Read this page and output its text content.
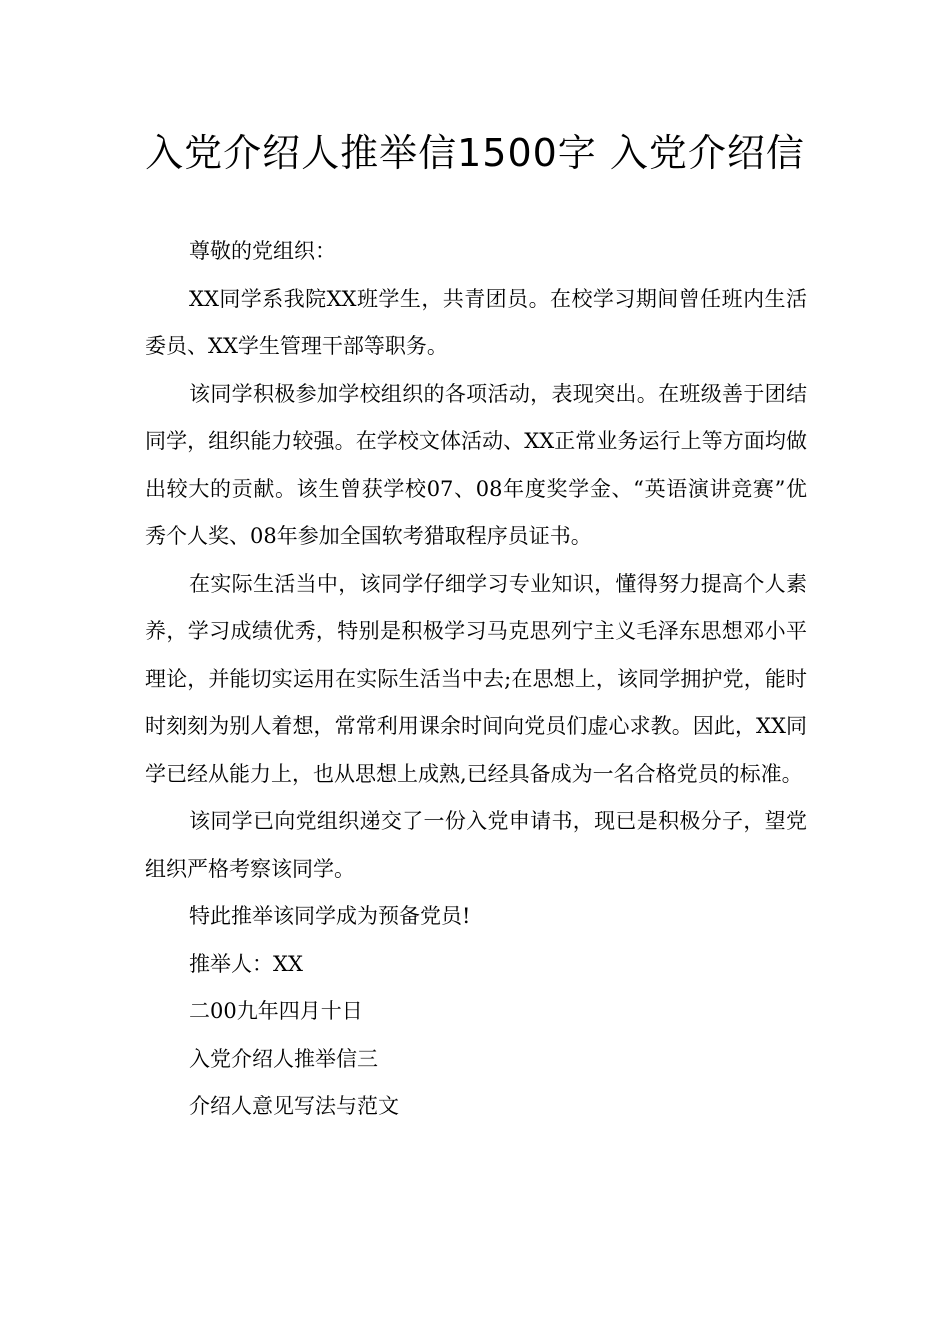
入党介绍人推举信1500字 入党介绍信

尊敬的党组织：

XX同学系我院XX班学生，共青团员。在校学习期间曾任班内生活委员、XX学生管理干部等职务。

该同学积极参加学校组织的各项活动，表现突出。在班级善于团结同学，组织能力较强。在学校文体活动、XX正常业务运行上等方面均做出较大的贡献。该生曾获学校07、08年度奖学金、“英语演讲竞赛”优秀个人奖、08年参加全国软考猎取程序员证书。

在实际生活当中，该同学仔细学习专业知识，懂得努力提高个人素养，学习成绩优秀，特别是积极学习马克思列宁主义毛泽东思想邓小平理论，并能切实运用在实际生活当中去;在思想上，该同学拥护党，能时时刻刻为别人着想，常常利用课余时间向党员们虚心求教。因此，XX同学已经从能力上，也从思想上成熟,已经具备成为一名合格党员的标准。

该同学已向党组织递交了一份入党申请书，现已是积极分子，望党组织严格考察该同学。

特此推举该同学成为预备党员!

推举人：XX

二00九年四月十日

入党介绍人推举信三

介绍人意见写法与范文
